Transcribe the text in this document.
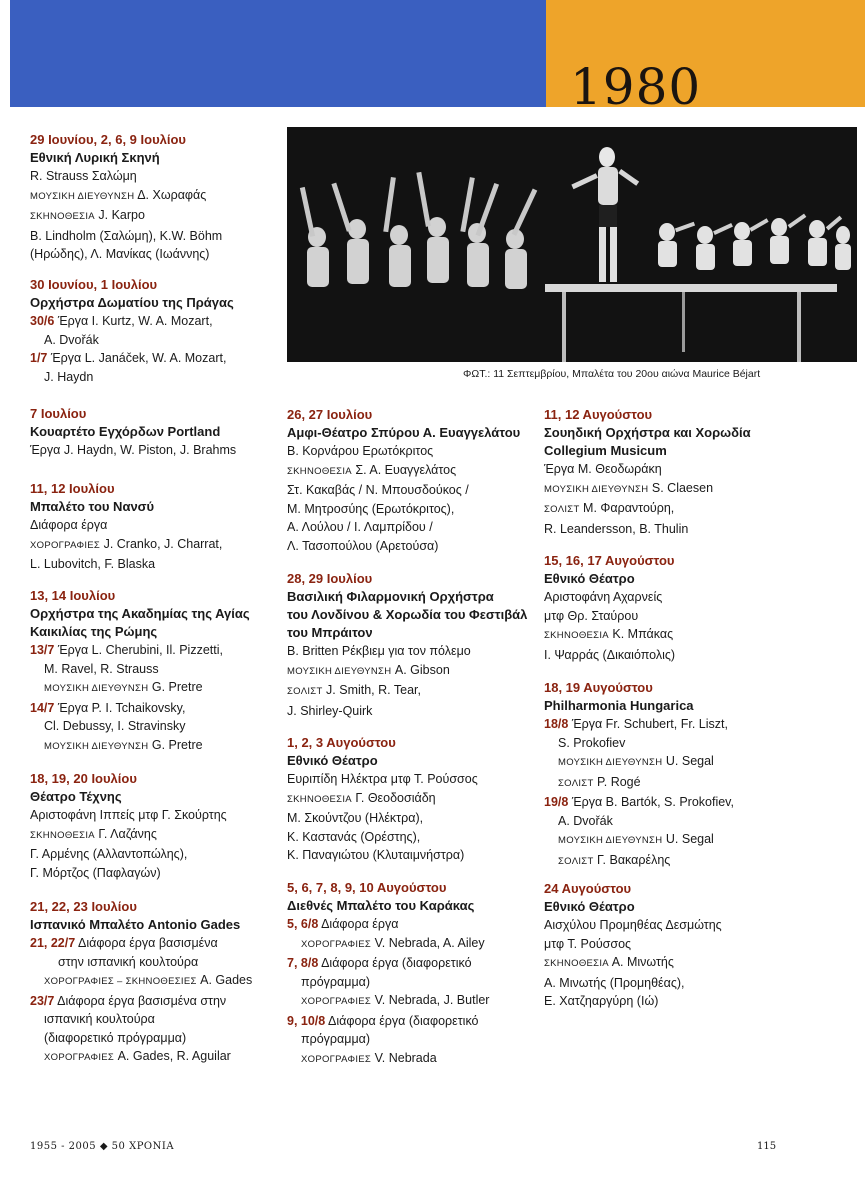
1980
ΦΩΤ.: 11 Σεπτεμβρίου, Μπαλέτα του 20ου αιώνα Maurice Béjart
29 Ιουνίου, 2, 6, 9 Ιουλίου
Εθνική Λυρική Σκηνή
R. Strauss Σαλώμη
ΜΟΥΣΙΚΗ ΔΙΕΥΘΥΝΣΗ Δ. Χωραφάς
ΣΚΗΝΟΘΕΣΙΑ J. Karpo
B. Lindholm (Σαλώμη), K.W. Böhm
(Ηρώδης), Λ. Μανίκας (Ιωάννης)
30 Ιουνίου, 1 Ιουλίου
Ορχήστρα Δωματίου της Πράγας
30/6 Έργα I. Kurtz, W. A. Mozart,
A. Dvořák
1/7 Έργα L. Janáček, W. A. Mozart,
J. Haydn
7 Ιουλίου
Κουαρτέτο Εγχόρδων Portland
Έργα J. Haydn, W. Piston, J. Brahms
11, 12 Ιουλίου
Μπαλέτο του Νανσύ
Διάφορα έργα
ΧΟΡΟΓΡΑΦΙΕΣ J. Cranko, J. Charrat,
L. Lubovitch, F. Blaska
13, 14 Ιουλίου
Ορχήστρα της Ακαδημίας της Αγίας
Καικιλίας της Ρώμης
13/7 Έργα L. Cherubini, Il. Pizzetti,
M. Ravel, R. Strauss
ΜΟΥΣΙΚΗ ΔΙΕΥΘΥΝΣΗ G. Pretre
14/7 Έργα P. I. Tchaikovsky,
Cl. Debussy, I. Stravinsky
ΜΟΥΣΙΚΗ ΔΙΕΥΘΥΝΣΗ G. Pretre
18, 19, 20 Ιουλίου
Θέατρο Τέχνης
Αριστοφάνη Ιππείς μτφ Γ. Σκούρτης
ΣΚΗΝΟΘΕΣΙΑ Γ. Λαζάνης
Γ. Αρμένης (Αλλαντοπώλης),
Γ. Μόρτζος (Παφλαγών)
21, 22, 23 Ιουλίου
Ισπανικό Μπαλέτο Antonio Gades
21, 22/7 Διάφορα έργα βασισμένα
στην ισπανική κουλτούρα
ΧΟΡΟΓΡΑΦΙΕΣ – ΣΚΗΝΟΘΕΣΙΕΣ A. Gades
23/7 Διάφορα έργα βασισμένα στην
ισπανική κουλτούρα
(διαφορετικό πρόγραμμα)
ΧΟΡΟΓΡΑΦΙΕΣ A. Gades, R. Aguilar
26, 27 Ιουλίου
Αμφι-Θέατρο Σπύρου Α. Ευαγγελάτου
Β. Κορνάρου Ερωτόκριτος
ΣΚΗΝΟΘΕΣΙΑ Σ. Α. Ευαγγελάτος
Στ. Κακαβάς / Ν. Μπουσδούκος /
Μ. Μητροσύης (Ερωτόκριτος),
Α. Λούλου / Ι. Λαμπρίδου /
Λ. Τασοπούλου (Αρετούσα)
28, 29 Ιουλίου
Βασιλική Φιλαρμονική Ορχήστρα
του Λονδίνου & Χορωδία του Φεστιβάλ
του Μπράιτον
B. Britten Ρέκβιεμ για τον πόλεμο
ΜΟΥΣΙΚΗ ΔΙΕΥΘΥΝΣΗ A. Gibson
ΣΟΛΙΣΤ J. Smith, R. Tear,
J. Shirley-Quirk
1, 2, 3 Αυγούστου
Εθνικό Θέατρο
Ευριπίδη Ηλέκτρα μτφ Τ. Ρούσσος
ΣΚΗΝΟΘΕΣΙΑ Γ. Θεοδοσιάδη
Μ. Σκούντζου (Ηλέκτρα),
Κ. Καστανάς (Ορέστης),
Κ. Παναγιώτου (Κλυταιμνήστρα)
5, 6, 7, 8, 9, 10 Αυγούστου
Διεθνές Μπαλέτο του Καράκας
5, 6/8 Διάφορα έργα
ΧΟΡΟΓΡΑΦΙΕΣ V. Nebrada, A. Ailey
7, 8/8 Διάφορα έργα (διαφορετικό
πρόγραμμα)
ΧΟΡΟΓΡΑΦΙΕΣ V. Nebrada, J. Butler
9, 10/8 Διάφορα έργα (διαφορετικό
πρόγραμμα)
ΧΟΡΟΓΡΑΦΙΕΣ V. Nebrada
11, 12 Αυγούστου
Σουηδική Ορχήστρα και Χορωδία
Collegium Musicum
Έργα Μ. Θεοδωράκη
ΜΟΥΣΙΚΗ ΔΙΕΥΘΥΝΣΗ S. Claesen
ΣΟΛΙΣΤ Μ. Φαραντούρη,
R. Leandersson, B. Thulin
15, 16, 17 Αυγούστου
Εθνικό Θέατρο
Αριστοφάνη Αχαρνείς
μτφ Θρ. Σταύρου
ΣΚΗΝΟΘΕΣΙΑ Κ. Μπάκας
Ι. Ψαρράς (Δικαιόπολις)
18, 19 Αυγούστου
Philharmonia Hungarica
18/8 Έργα Fr. Schubert, Fr. Liszt,
S. Prokofiev
ΜΟΥΣΙΚΗ ΔΙΕΥΘΥΝΣΗ U. Segal
ΣΟΛΙΣΤ P. Rogé
19/8 Έργα B. Bartók, S. Prokofiev,
A. Dvořák
ΜΟΥΣΙΚΗ ΔΙΕΥΘΥΝΣΗ U. Segal
ΣΟΛΙΣΤ Γ. Βακαρέλης
24 Αυγούστου
Εθνικό Θέατρο
Αισχύλου Προμηθέας Δεσμώτης
μτφ Τ. Ρούσσος
ΣΚΗΝΟΘΕΣΙΑ Α. Μινωτής
Α. Μινωτής (Προμηθέας),
Ε. Χατζηαργύρη (Ιώ)
1955 - 2005 ◆ 50 ΧΡΟΝΙΑ	115
